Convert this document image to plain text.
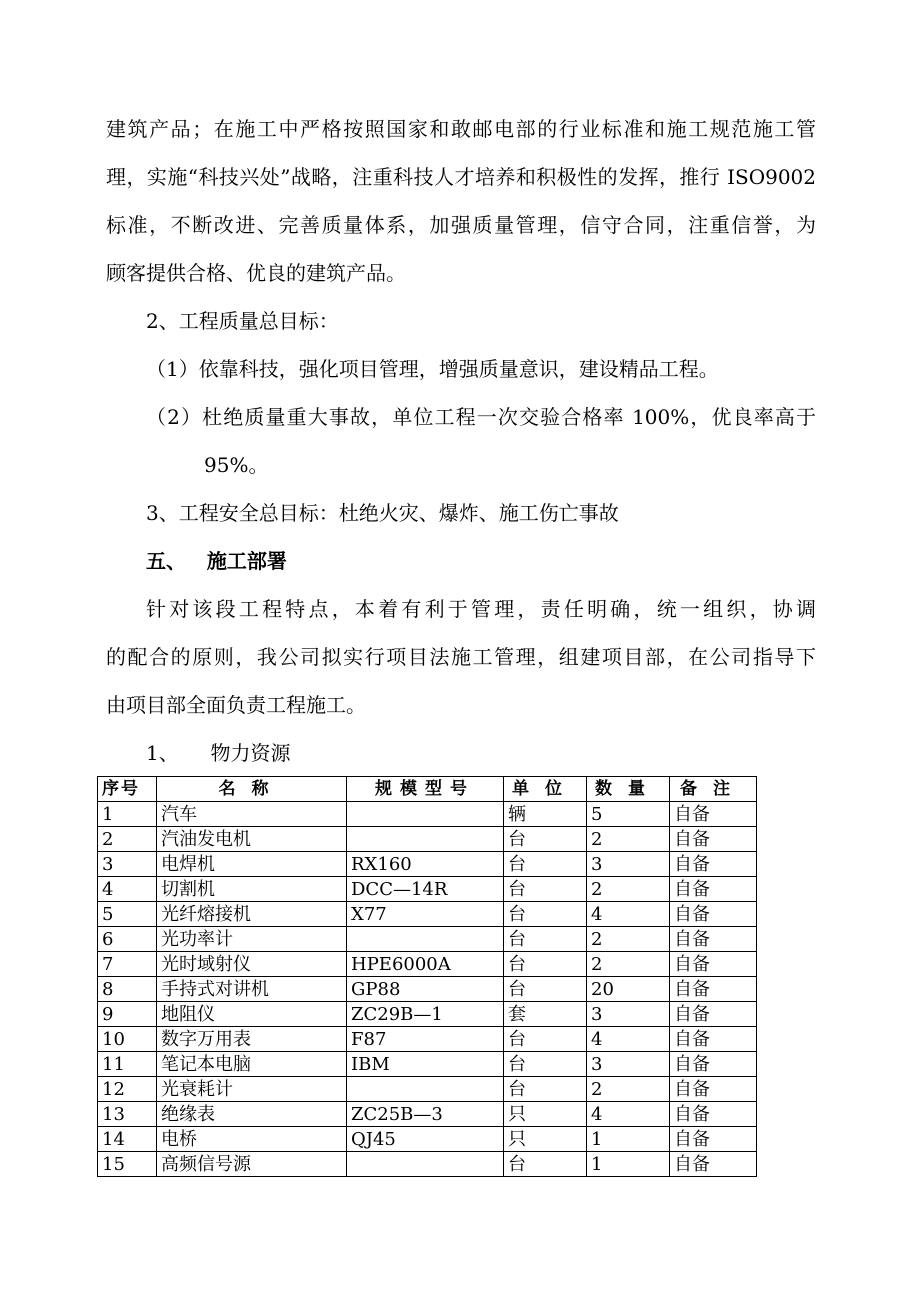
建筑产品；在施工中严格按照国家和敢邮电部的行业标准和施工规范施工管
理，实施“科技兴处”战略，注重科技人才培养和积极性的发挥，推行 ISO9002
标准，不断改进、完善质量体系，加强质量管理，信守合同，注重信誉，为
顾客提供合格、优良的建筑产品。
2、工程质量总目标：
（1）依靠科技，强化项目管理，增强质量意识，建设精品工程。
（2）杜绝质量重大事故，单位工程一次交验合格率 100%，优良率高于
95%。
3、工程安全总目标：杜绝火灾、爆炸、施工伤亡事故
五、   施工部署
针对该段工程特点，本着有利于管理，责任明确，统一组织，协调
的配合的原则，我公司拟实行项目法施工管理，组建项目部，在公司指导下
由项目部全面负责工程施工。
1、     物力资源
序号	名称	规模型号	单位	数量	备注
1	汽车		辆	5	自备
2	汽油发电机		台	2	自备
3	电焊机	RX160	台	3	自备
4	切割机	DCC—14R	台	2	自备
5	光纤熔接机	X77	台	4	自备
6	光功率计		台	2	自备
7	光时域射仪	HPE6000A	台	2	自备
8	手持式对讲机	GP88	台	20	自备
9	地阻仪	ZC29B—1	套	3	自备
10	数字万用表	F87	台	4	自备
11	笔记本电脑	IBM	台	3	自备
12	光衰耗计		台	2	自备
13	绝缘表	ZC25B—3	只	4	自备
14	电桥	QJ45	只	1	自备
15	高频信号源		台	1	自备
